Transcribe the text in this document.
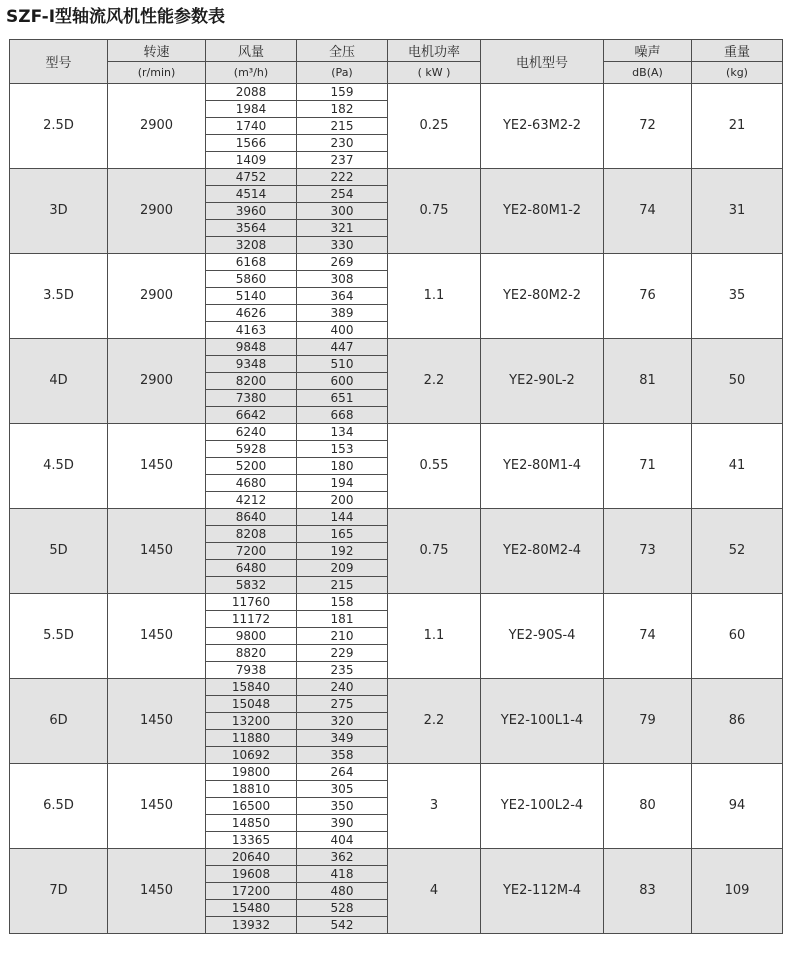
SZF-I型轴流风机性能参数表
型号	转速	风量	全压	电机功率	电机型号	噪声	重量
	(r/min)	(m³/h)	(Pa)	( kW )		dB(A)	(kg)
2.5D	2900	2088	159	0.25	YE2-63M2-2	72	21
		1984	182				
		1740	215				
		1566	230				
		1409	237				
3D	2900	4752	222	0.75	YE2-80M1-2	74	31
		4514	254				
		3960	300				
		3564	321				
		3208	330				
3.5D	2900	6168	269	1.1	YE2-80M2-2	76	35
		5860	308				
		5140	364				
		4626	389				
		4163	400				
4D	2900	9848	447	2.2	YE2-90L-2	81	50
		9348	510				
		8200	600				
		7380	651				
		6642	668				
4.5D	1450	6240	134	0.55	YE2-80M1-4	71	41
		5928	153				
		5200	180				
		4680	194				
		4212	200				
5D	1450	8640	144	0.75	YE2-80M2-4	73	52
		8208	165				
		7200	192				
		6480	209				
		5832	215				
5.5D	1450	11760	158	1.1	YE2-90S-4	74	60
		11172	181				
		9800	210				
		8820	229				
		7938	235				
6D	1450	15840	240	2.2	YE2-100L1-4	79	86
		15048	275				
		13200	320				
		11880	349				
		10692	358				
6.5D	1450	19800	264	3	YE2-100L2-4	80	94
		18810	305				
		16500	350				
		14850	390				
		13365	404				
7D	1450	20640	362	4	YE2-112M-4	83	109
		19608	418				
		17200	480				
		15480	528				
		13932	542				
